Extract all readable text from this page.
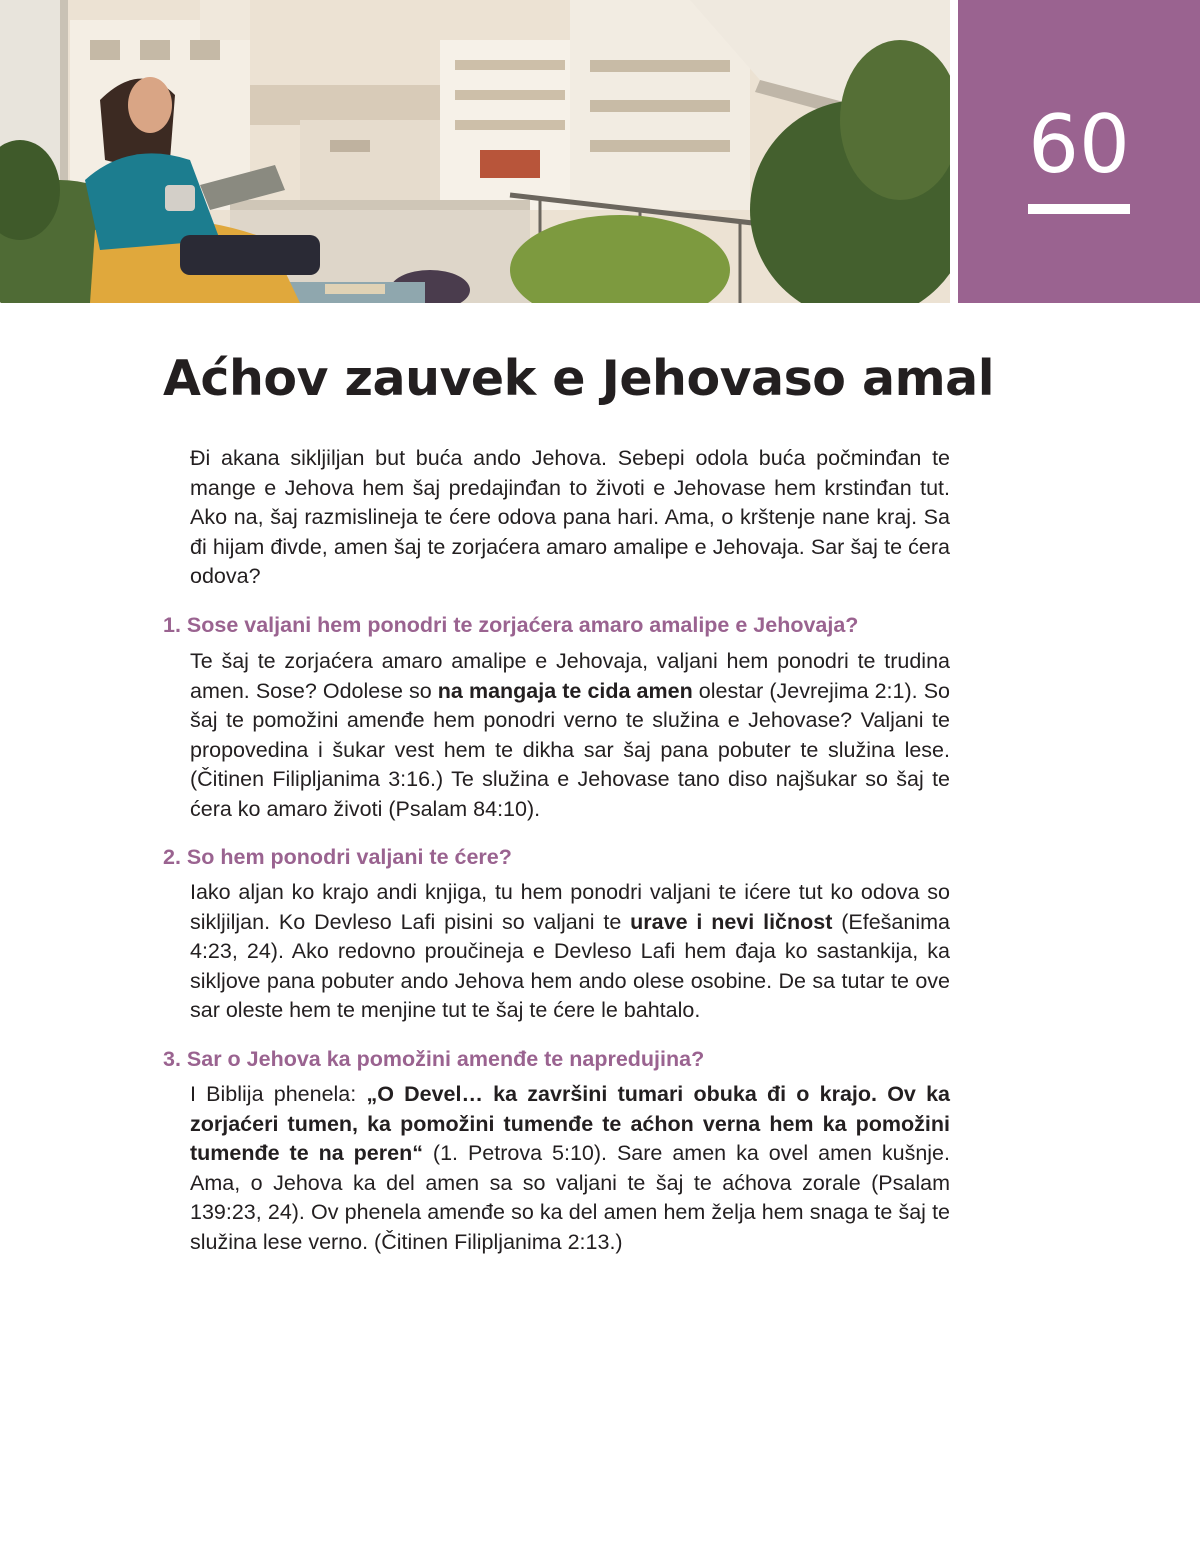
60
Aćhov zauvek e Jehovaso amal

Đi akana sikljiljan but bućа ando Jehova. Sebepi odola buća počminđan te mange e Jehova hem šaj predajinđan to životi e Jehovase hem krstinđan tut. Ako na, šaj razmislineja te ćere odova pana hari. Ama, o krštenje nane kraj. Sa đi hijam đivde, amen šaj te zorjaćera amaro amalipe e Jehovaja. Sar šaj te ćera odova?

1. Sose valjani hem ponodri te zorjaćera amaro amalipe e Jehovaja?

Te šaj te zorjaćera amaro amalipe e Jehovaja, valjani hem ponodri te trudina amen. Sose? Odolese so na mangaja te cida amen olestar (Jevrejima 2:1). So šaj te pomožini amenđe hem ponodri verno te služina e Jehovase? Valjani te propovedina i šukar vest hem te dikha sar šaj pana pobuter te služina lese. (Čitinen Filipljanima 3:16.) Te služina e Jehovase tano diso najšukar so šaj te ćera ko amaro životi (Psalam 84:10).

2. So hem ponodri valjani te ćere?

Iako aljan ko krajo andi knjiga, tu hem ponodri valjani te ićere tut ko odova so sikljiljan. Ko Devleso Lafi pisini so valjani te urave i nevi ličnost (Efešanima 4:23, 24). Ako redovno proučineja e Devleso Lafi hem đaja ko sastankija, ka sikljove pana pobuter ando Jehova hem ando olese osobine. De sa tutar te ove sar oleste hem te menjine tut te šaj te ćere le bahtalo.

3. Sar o Jehova ka pomožini amenđe te napredujina?

I Biblija phenela: „O Devel… ka završini tumari obuka đi o krajo. Ov ka zorjaćeri tumen, ka pomožini tumenđe te aćhon verna hem ka pomožini tumenđe te na peren“ (1. Petrova 5:10). Sare amen ka ovel amen kušnje. Ama, o Jehova ka del amen sa so valjani te šaj te aćhova zorale (Psalam 139:23, 24). Ov phenela amenđe so ka del amen hem želja hem snaga te šaj te služina lese verno. (Čitinen Filipljanima 2:13.)
